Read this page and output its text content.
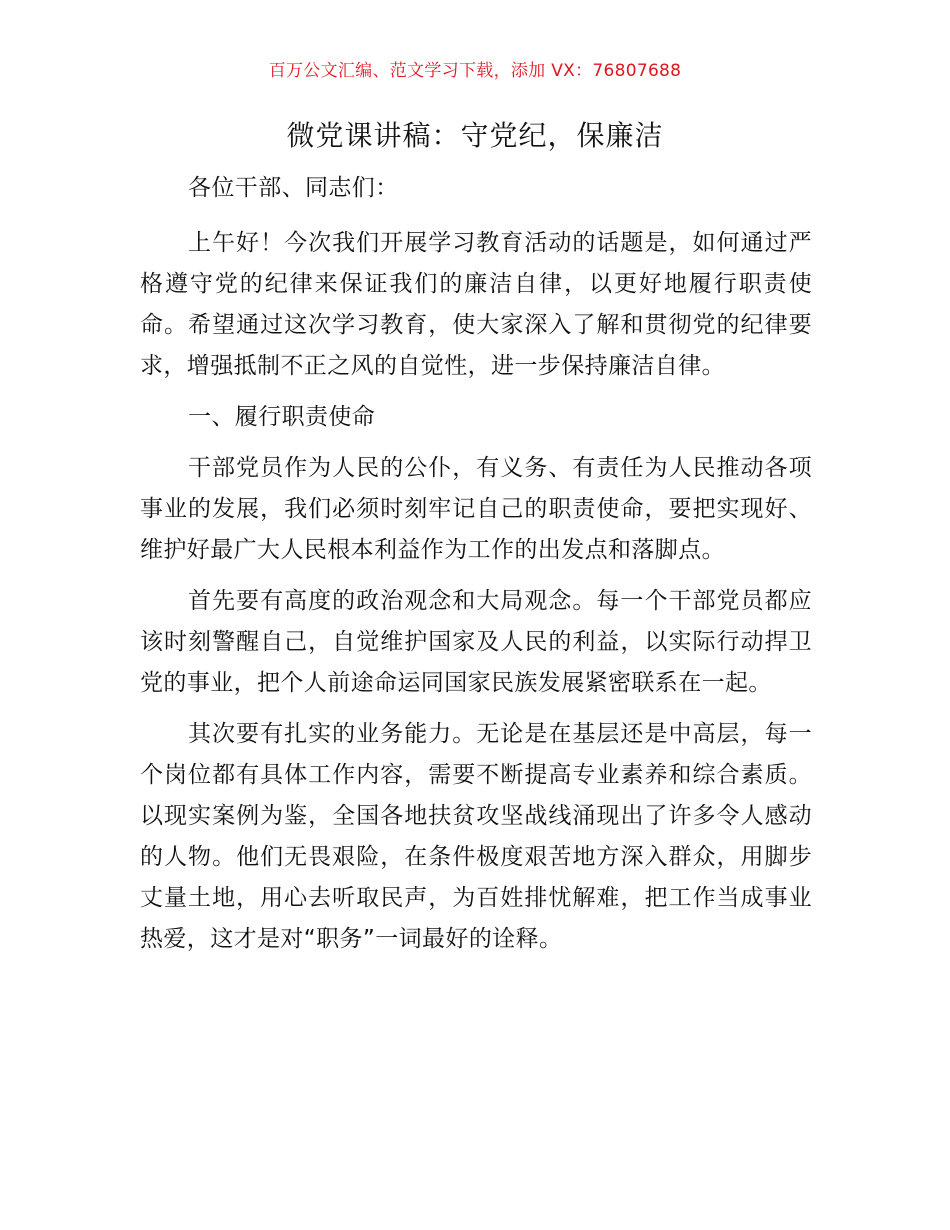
百万公文汇编、范文学习下载，添加 VX：76807688
微党课讲稿：守党纪，保廉洁

各位干部、同志们：

上午好！今次我们开展学习教育活动的话题是，如何通过严格遵守党的纪律来保证我们的廉洁自律，以更好地履行职责使命。希望通过这次学习教育，使大家深入了解和贯彻党的纪律要求，增强抵制不正之风的自觉性，进一步保持廉洁自律。

一、履行职责使命

干部党员作为人民的公仆，有义务、有责任为人民推动各项事业的发展，我们必须时刻牢记自己的职责使命，要把实现好、维护好最广大人民根本利益作为工作的出发点和落脚点。

首先要有高度的政治观念和大局观念。每一个干部党员都应该时刻警醒自己，自觉维护国家及人民的利益，以实际行动捍卫党的事业，把个人前途命运同国家民族发展紧密联系在一起。

其次要有扎实的业务能力。无论是在基层还是中高层，每一个岗位都有具体工作内容，需要不断提高专业素养和综合素质。以现实案例为鉴，全国各地扶贫攻坚战线涌现出了许多令人感动的人物。他们无畏艰险，在条件极度艰苦地方深入群众，用脚步丈量土地，用心去听取民声，为百姓排忧解难，把工作当成事业热爱，这才是对“职务”一词最好的诠释。
